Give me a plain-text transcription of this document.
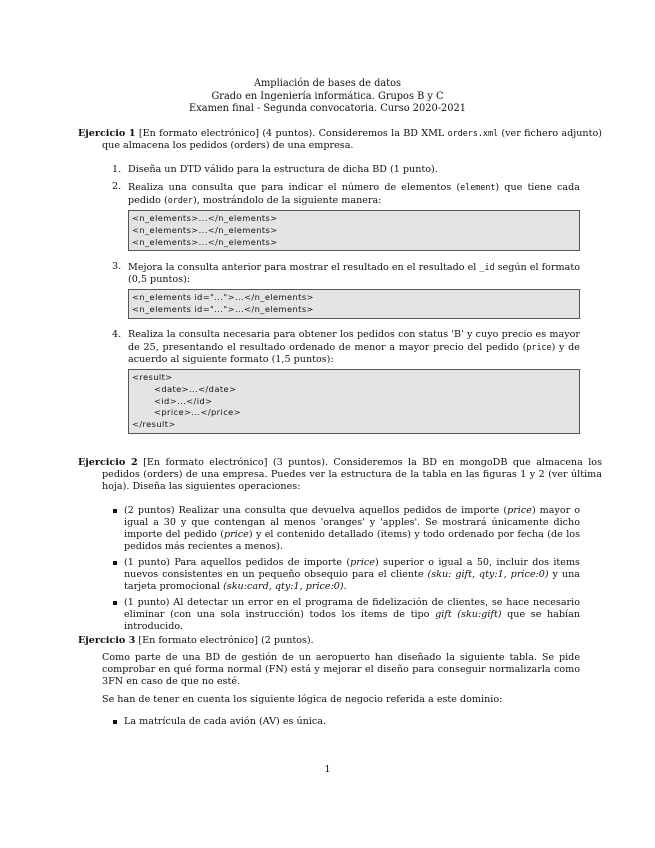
Ampliación de bases de datos
Grado en Ingeniería informática. Grupos B y C
Examen final - Segunda convocatoria. Curso 2020-2021
Ejercicio 1 [En formato electrónico] (4 puntos). Consideremos la BD XML orders.xml (ver fichero adjunto) que almacena los pedidos (orders) de una empresa.
1. Diseña un DTD válido para la estructura de dicha BD (1 punto).
2. Realiza una consulta que para indicar el número de elementos (element) que tiene cada pedido (order), mostrándolo de la siguiente manera:
<n_elements>...</n_elements>
<n_elements>...</n_elements>
<n_elements>...</n_elements>
3. Mejora la consulta anterior para mostrar el resultado en el resultado el _id según el formato (0,5 puntos):
<n_elements id="...">...</n_elements>
<n_elements id="...">...</n_elements>
4. Realiza la consulta necesaria para obtener los pedidos con status 'B' y cuyo precio es mayor de 25, presentando el resultado ordenado de menor a mayor precio del pedido (price) y de acuerdo al siguiente formato (1,5 puntos):
<result>
<date>...</date>
<id>...</id>
<price>...</price>
</result>
Ejercicio 2 [En formato electrónico] (3 puntos). Consideremos la BD en mongoDB que almacena los pedidos (orders) de una empresa. Puedes ver la estructura de la tabla en las figuras 1 y 2 (ver última hoja). Diseña las siguientes operaciones:
(2 puntos) Realizar una consulta que devuelva aquellos pedidos de importe (price) mayor o igual a 30 y que contengan al menos 'oranges' y 'apples'. Se mostrará únicamente dicho importe del pedido (price) y el contenido detallado (items) y todo ordenado por fecha (de los pedidos más recientes a menos).
(1 punto) Para aquellos pedidos de importe (price) superior o igual a 50, incluir dos items nuevos consistentes en un pequeño obsequio para el cliente (sku: gift, qty:1, price:0) y una tarjeta promocional (sku:card, qty:1, price:0).
(1 punto) Al detectar un error en el programa de fidelización de clientes, se hace necesario eliminar (con una sola instrucción) todos los ítems de tipo gift (sku:gift) que se habían introducido.
Ejercicio 3 [En formato electrónico] (2 puntos).
Como parte de una BD de gestión de un aeropuerto han diseñado la siguiente tabla. Se pide comprobar en qué forma normal (FN) está y mejorar el diseño para conseguir normalizarla como 3FN en caso de que no esté.
Se han de tener en cuenta los siguiente lógica de negocio referida a este dominio:
La matrícula de cada avión (AV) es única.
1
